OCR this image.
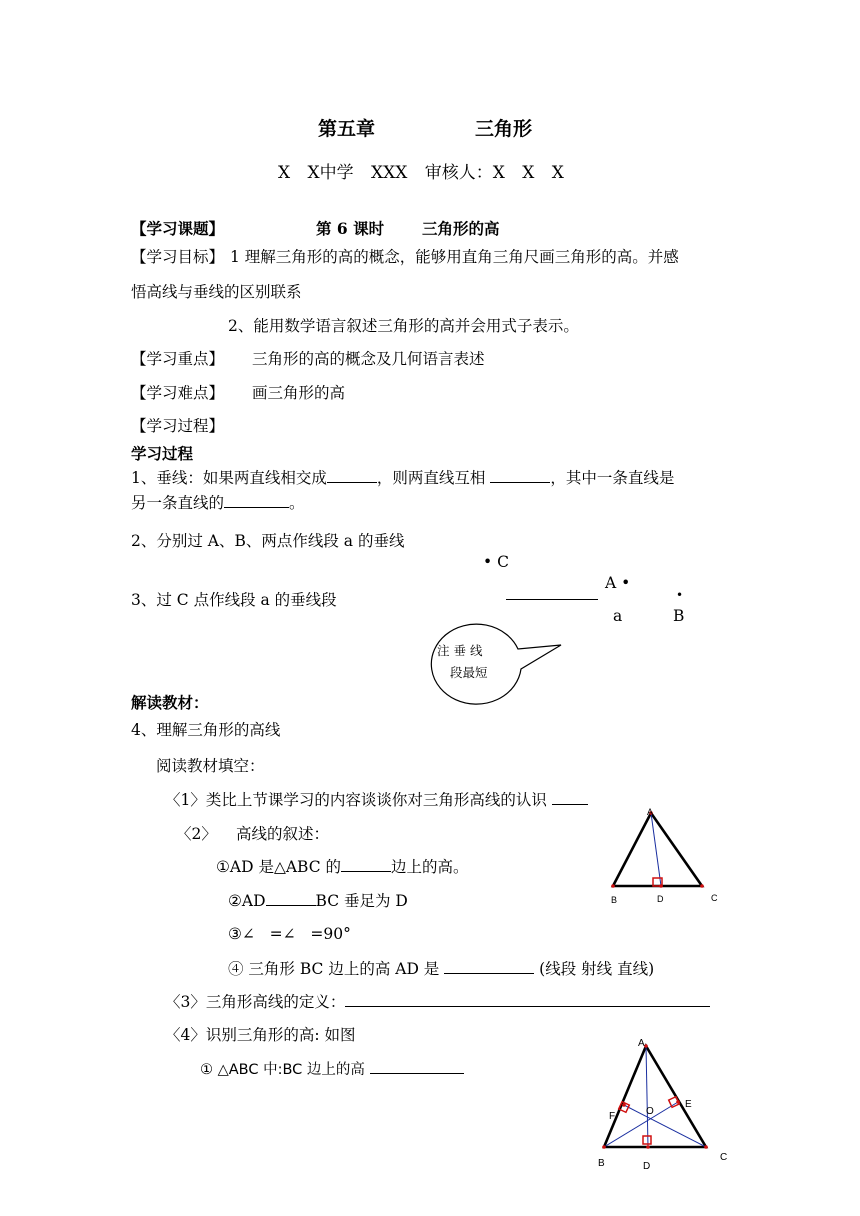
第五章	三角形
X X中学 XXX 审核人：X X X
【学习课题】	第 6 课时 三角形的高
【学习目标】 1 理解三角形的高的概念，能够用直角三角尺画三角形的高。并感
悟高线与垂线的区别联系
2、能用数学语言叙述三角形的高并会用式子表示。
【学习重点】 三角形的高的概念及几何语言表述
【学习难点】 画三角形的高
【学习过程】
学习过程
1、垂线：如果两直线相交成	，则两直线互相	，其中一条直线是
另一条直线的	。
2、分别过 A、B、两点作线段 a 的垂线
3、过 C 点作线段 a 的垂线段
• C
A •
•
a	B
注 垂 线
段最短
解读教材：
4、理解三角形的高线
阅读教材填空：
〈1〉类比上节课学习的内容谈谈你对三角形高线的认识
〈2〉 高线的叙述：
①AD 是△ABC 的	边上的高。
②AD	BC 垂足为 D
③∠   =∠   =90°
④ 三角形 BC 边上的高 AD 是	(线段 射线 直线)
〈3〉三角形高线的定义：
〈4〉识别三角形的高: 如图
① △ABC 中:BC 边上的高
A
B	D	C
A
B
C
D
E
F	O
